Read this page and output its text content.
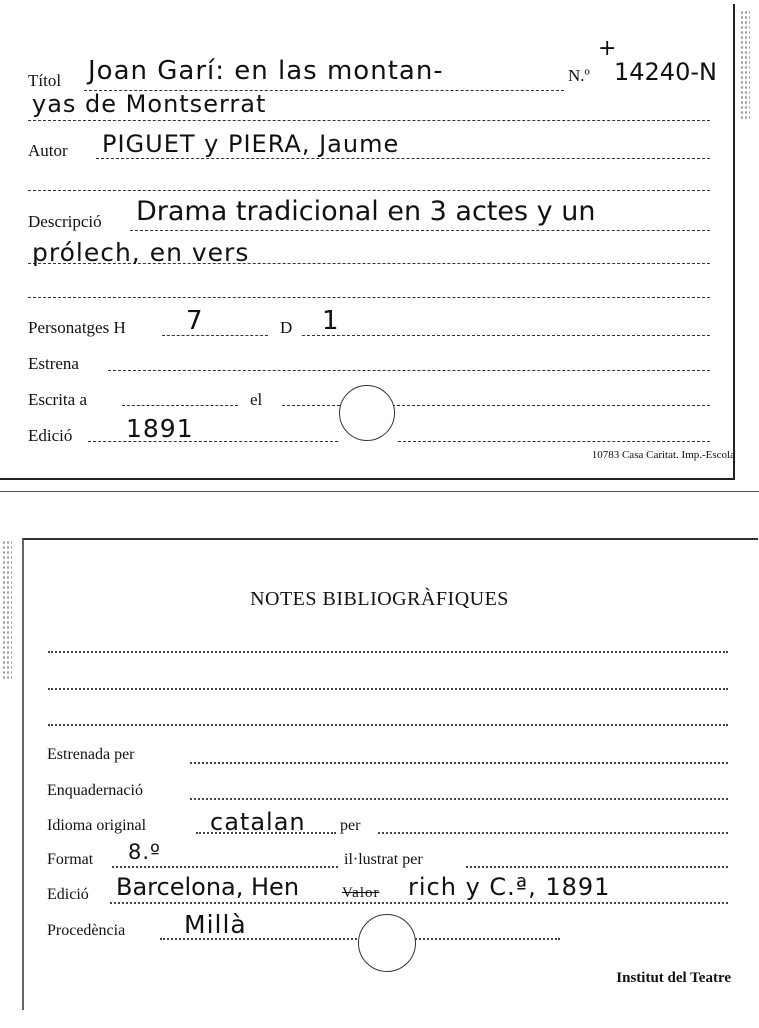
Títol Joan Garí: en las montan-	N.º
+
14240-N
yas de Montserrat
Autor PIGUET y PIERA, Jaume
Descripció Drama tradicional en 3 actes y un
prólech, en vers
Personatges H 7	D 1
Estrena
Escrita a	el
Edició 1891
10783 Casa Caritat. Imp.-Escola
NOTES BIBLIOGRÀFIQUES
Estrenada per
Enquadernació
Idioma original	catalan per
Format 8.º	il·lustrat per
Edició Barcelona, Hen	Valor rich y C.ª, 1891
Procedència Millà
Institut del Teatre
